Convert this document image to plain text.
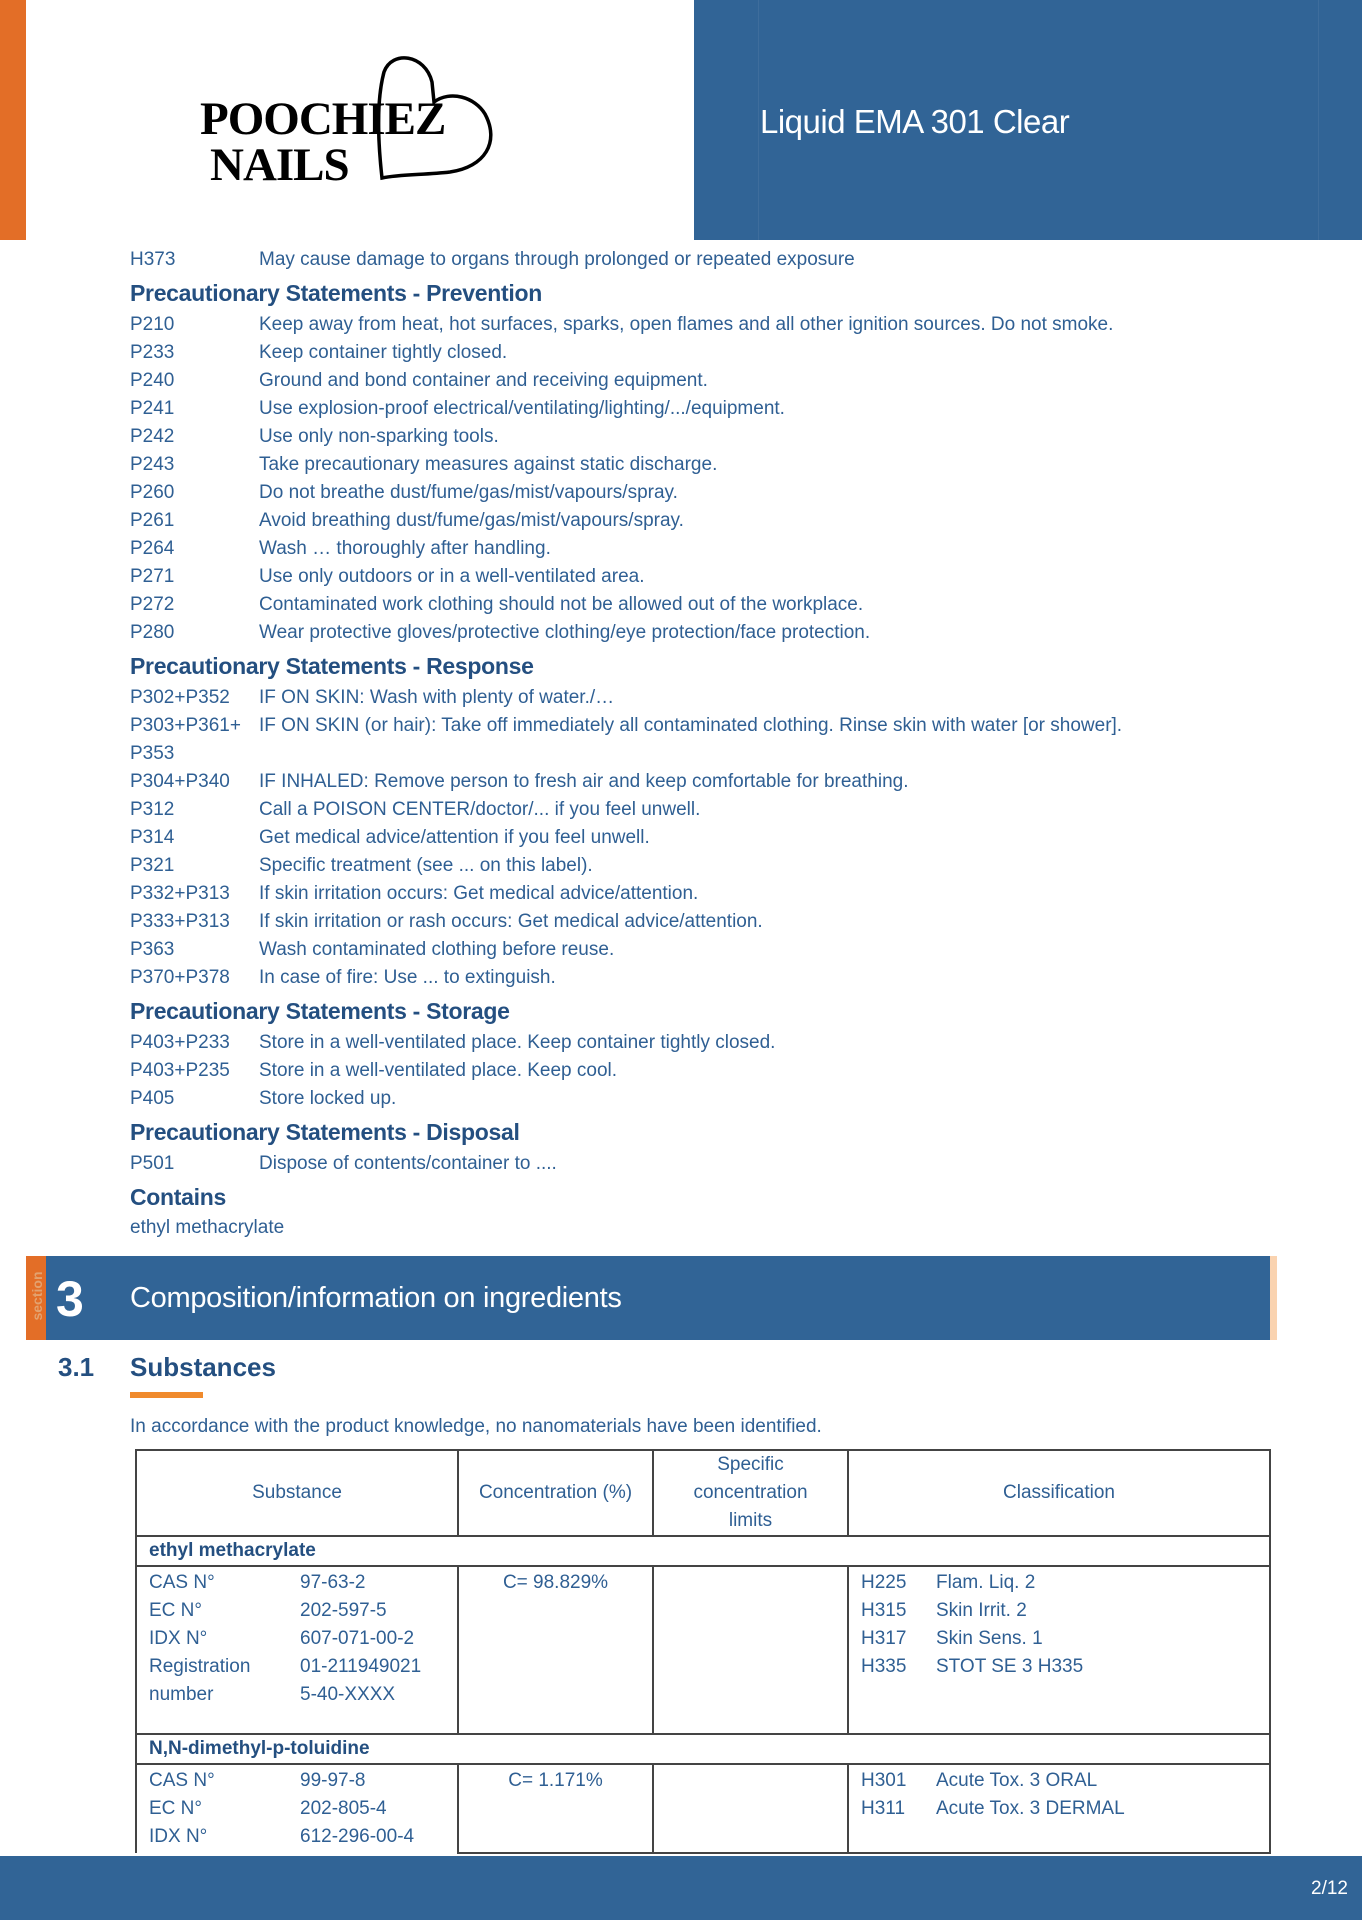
POOCHIEZ
NAILS
Liquid EMA 301 Clear
H373	May cause damage to organs through prolonged or repeated exposure
Precautionary Statements - Prevention
P210	Keep away from heat, hot surfaces, sparks, open flames and all other ignition sources. Do not smoke.
P233	Keep container tightly closed.
P240	Ground and bond container and receiving equipment.
P241	Use explosion-proof electrical/ventilating/lighting/.../equipment.
P242	Use only non-sparking tools.
P243	Take precautionary measures against static discharge.
P260	Do not breathe dust/fume/gas/mist/vapours/spray.
P261	Avoid breathing dust/fume/gas/mist/vapours/spray.
P264	Wash … thoroughly after handling.
P271	Use only outdoors or in a well-ventilated area.
P272	Contaminated work clothing should not be allowed out of the workplace.
P280	Wear protective gloves/protective clothing/eye protection/face protection.
Precautionary Statements - Response
P302+P352	IF ON SKIN: Wash with plenty of water./…
P303+P361+ IF ON SKIN (or hair): Take off immediately all contaminated clothing. Rinse skin with water [or shower].
P353
P304+P340	IF INHALED: Remove person to fresh air and keep comfortable for breathing.
P312	Call a POISON CENTER/doctor/... if you feel unwell.
P314	Get medical advice/attention if you feel unwell.
P321	Specific treatment (see ... on this label).
P332+P313	If skin irritation occurs: Get medical advice/attention.
P333+P313	If skin irritation or rash occurs: Get medical advice/attention.
P363	Wash contaminated clothing before reuse.
P370+P378	In case of fire: Use ... to extinguish.
Precautionary Statements - Storage
P403+P233	Store in a well-ventilated place. Keep container tightly closed.
P403+P235	Store in a well-ventilated place. Keep cool.
P405	Store locked up.
Precautionary Statements - Disposal
P501	Dispose of contents/container to ....
Contains
ethyl methacrylate
section 3 Composition/information on ingredients
3.1 Substances
In accordance with the product knowledge, no nanomaterials have been identified.
Substance	Concentration (%)	Specific concentration limits	Classification
ethyl methacrylate			

CAS N°	97-63-2
EC N°	202-597-5
IDX N°	607-071-00-2
Registration number
01-2119490215-40-XXXX
	C= 98.829%		H225	Flam. Liq. 2
H315	Skin Irrit. 2
H317	Skin Sens. 1
H335	STOT SE 3 H335

N,N-dimethyl-p-toluidine			

CAS N°	99-97-8
EC N°	202-805-4
IDX N°	612-296-00-4
	C= 1.171%		H301	Acute Tox. 3 ORAL
H311	Acute Tox. 3 DERMAL
2/12
